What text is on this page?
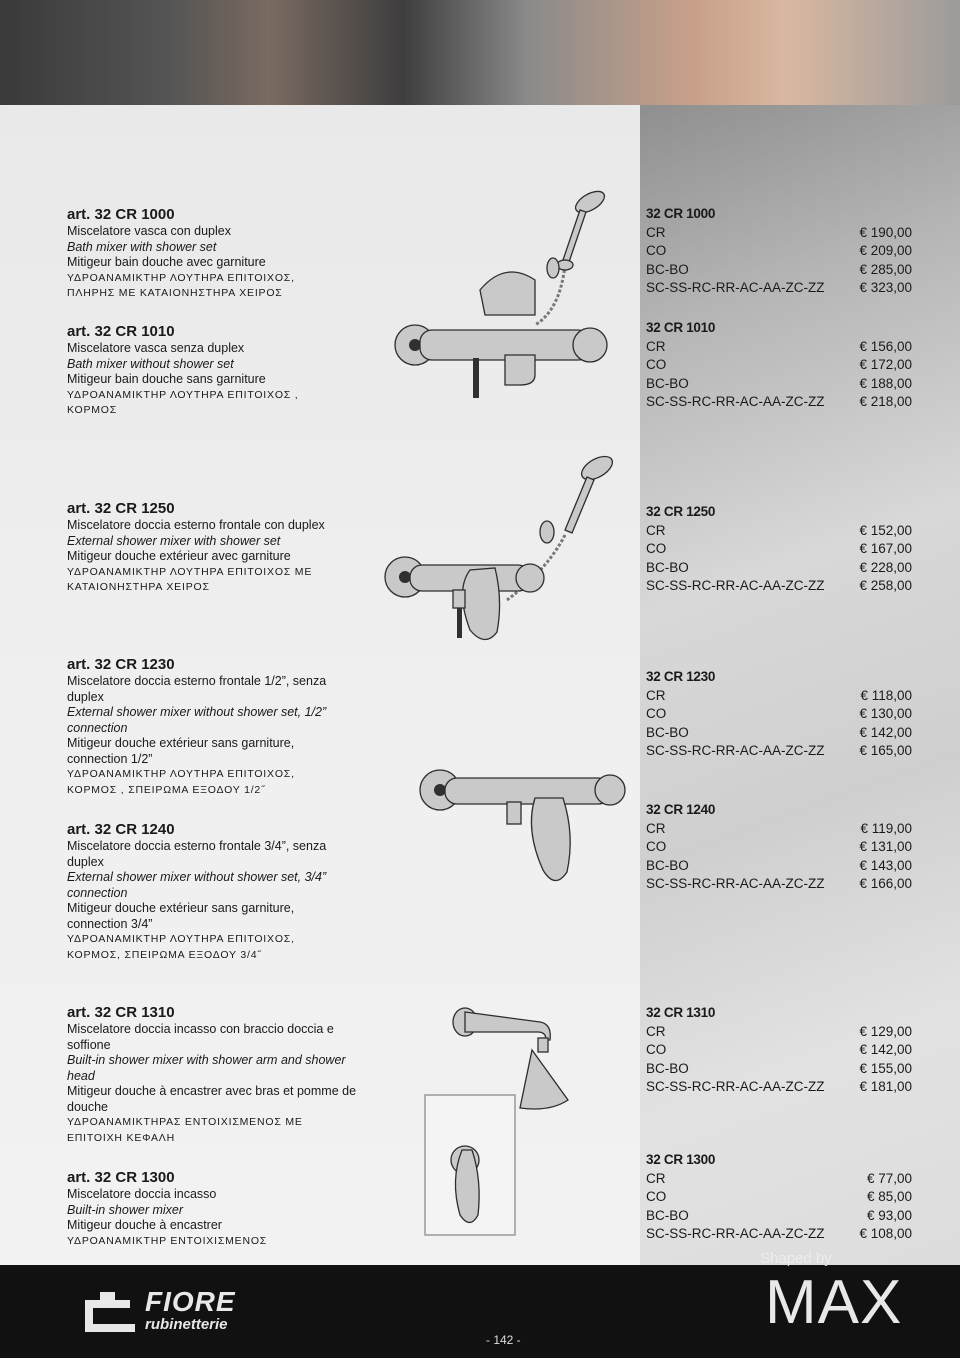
art. 32 CR 1000
Miscelatore vasca con duplex
Bath mixer with shower set
Mitigeur bain douche avec garniture
ΥΔΡΟΑΝΑΜΙΚΤΗΡ ΛΟΥΤΗΡΑ ΕΠΙΤΟΙΧΟΣ,
ΠΛΗΡΗΣ ΜΕ ΚΑΤΑΙΟΝΗΣΤΗΡΑ ΧΕΙΡΟΣ
art. 32 CR 1010
Miscelatore vasca senza duplex
Bath mixer without shower set
Mitigeur bain douche sans garniture
ΥΔΡΟΑΝΑΜΙΚΤΗΡ ΛΟΥΤΗΡΑ ΕΠΙΤΟΙΧΟΣ ,
ΚΟΡΜΟΣ
art. 32 CR 1250
Miscelatore doccia esterno frontale con duplex
External shower mixer with shower set
Mitigeur douche extérieur avec garniture
ΥΔΡΟΑΝΑΜΙΚΤΗΡ ΛΟΥΤΗΡΑ ΕΠΙΤΟΙΧΟΣ ΜΕ
ΚΑΤΑΙΟΝΗΣΤΗΡΑ ΧΕΙΡΟΣ
art. 32 CR 1230
Miscelatore doccia esterno frontale 1/2”, senza duplex
External shower mixer without shower set, 1/2” connection
Mitigeur douche extérieur sans garniture, connection 1/2”
ΥΔΡΟΑΝΑΜΙΚΤΗΡ ΛΟΥΤΗΡΑ ΕΠΙΤΟΙΧΟΣ,
ΚΟΡΜΟΣ , ΣΠΕΙΡΩΜΑ ΕΞΟΔΟΥ 1/2˝
art. 32 CR 1240
Miscelatore doccia esterno frontale 3/4”, senza duplex
External shower mixer without shower set, 3/4” connection
Mitigeur douche extérieur sans garniture, connection 3/4”
ΥΔΡΟΑΝΑΜΙΚΤΗΡ ΛΟΥΤΗΡΑ ΕΠΙΤΟΙΧΟΣ,
ΚΟΡΜΟΣ, ΣΠΕΙΡΩΜΑ ΕΞΟΔΟΥ 3/4˝
art. 32 CR 1310
Miscelatore doccia incasso con braccio doccia e soffione
Built-in shower mixer with shower arm and shower head
Mitigeur douche à encastrer avec bras et pomme de douche
ΥΔΡΟΑΝΑΜΙΚΤΗΡΑΣ ΕΝΤΟΙΧΙΣΜΕΝΟΣ ΜΕ
ΕΠΙΤΟΙΧΗ ΚΕΦΑΛΗ
art. 32 CR 1300
Miscelatore doccia incasso
Built-in shower mixer
Mitigeur douche à encastrer
ΥΔΡΟΑΝΑΜΙΚΤΗΡ ΕΝΤΟΙΧΙΣΜΕΝΟΣ
32 CR 1000
CR	€ 190,00
CO	€ 209,00
BC-BO	€ 285,00
SC-SS-RC-RR-AC-AA-ZC-ZZ	€ 323,00
32 CR 1010
CR	€ 156,00
CO	€ 172,00
BC-BO	€ 188,00
SC-SS-RC-RR-AC-AA-ZC-ZZ	€ 218,00
32 CR 1250
CR	€ 152,00
CO	€ 167,00
BC-BO	€ 228,00
SC-SS-RC-RR-AC-AA-ZC-ZZ	€ 258,00
32 CR 1230
CR	€ 118,00
CO	€ 130,00
BC-BO	€ 142,00
SC-SS-RC-RR-AC-AA-ZC-ZZ	€ 165,00
32 CR 1240
CR	€ 119,00
CO	€ 131,00
BC-BO	€ 143,00
SC-SS-RC-RR-AC-AA-ZC-ZZ	€ 166,00
32 CR 1310
CR	€ 129,00
CO	€ 142,00
BC-BO	€ 155,00
SC-SS-RC-RR-AC-AA-ZC-ZZ	€ 181,00
32 CR 1300
CR	€ 77,00
CO	€ 85,00
BC-BO	€ 93,00
SC-SS-RC-RR-AC-AA-ZC-ZZ	€ 108,00
FIORE
rubinetterie
- 142 -
Shaped by
MAX
